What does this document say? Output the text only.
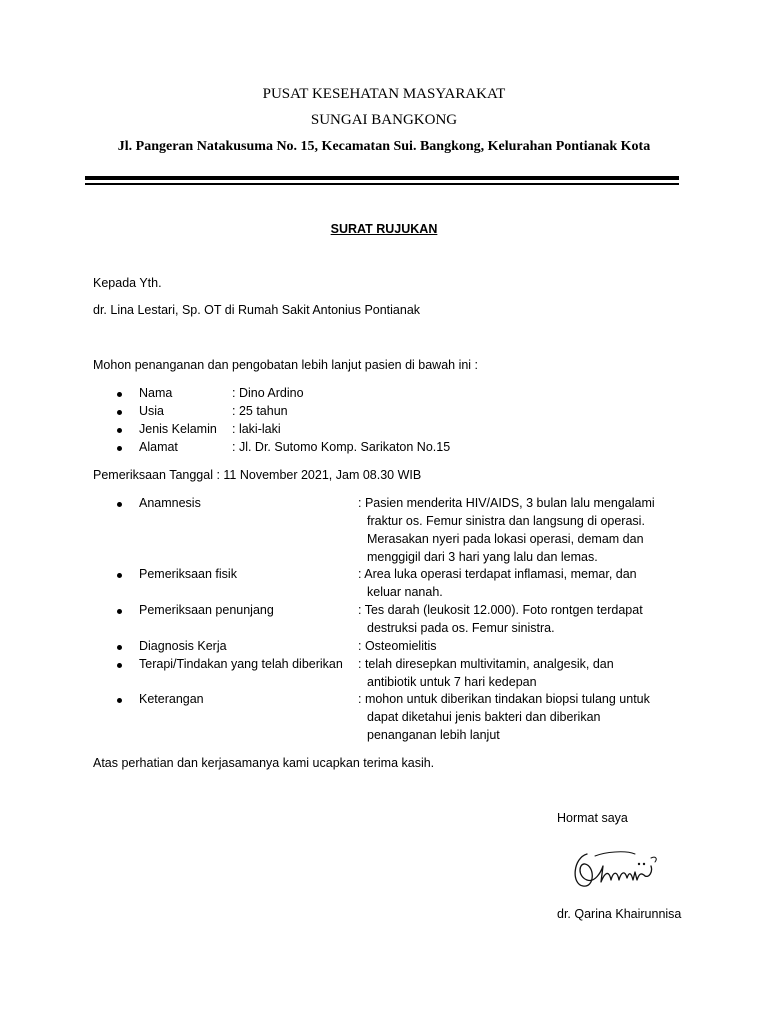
PUSAT KESEHATAN MASYARAKAT
SUNGAI BANGKONG
Jl. Pangeran Natakusuma No. 15, Kecamatan Sui. Bangkong, Kelurahan Pontianak Kota
SURAT RUJUKAN
Kepada Yth.
dr. Lina Lestari, Sp. OT di Rumah Sakit Antonius Pontianak
Mohon penanganan dan pengobatan lebih lanjut pasien di bawah ini :
Nama	: Dino Ardino
Usia	: 25 tahun
Jenis Kelamin : laki-laki
Alamat	: Jl. Dr. Sutomo Komp. Sarikaton No.15
Pemeriksaan Tanggal : 11 November 2021, Jam 08.30 WIB
Anamnesis	: Pasien menderita HIV/AIDS, 3 bulan lalu mengalami
fraktur os. Femur sinistra dan langsung di operasi.
Merasakan nyeri pada lokasi operasi, demam dan
menggigil dari 3 hari yang lalu dan lemas.
Pemeriksaan fisik	: Area luka operasi terdapat inflamasi, memar, dan
keluar nanah.
Pemeriksaan penunjang	: Tes darah (leukosit 12.000). Foto rontgen terdapat
destruksi pada os. Femur sinistra.
Diagnosis Kerja	: Osteomielitis
Terapi/Tindakan yang telah diberikan : telah diresepkan multivitamin, analgesik, dan
antibiotik untuk 7 hari kedepan
Keterangan	: mohon untuk diberikan tindakan biopsi tulang untuk
dapat diketahui jenis bakteri dan diberikan
penanganan lebih lanjut
Atas perhatian dan kerjasamanya kami ucapkan terima kasih.
Hormat saya
dr. Qarina Khairunnisa
